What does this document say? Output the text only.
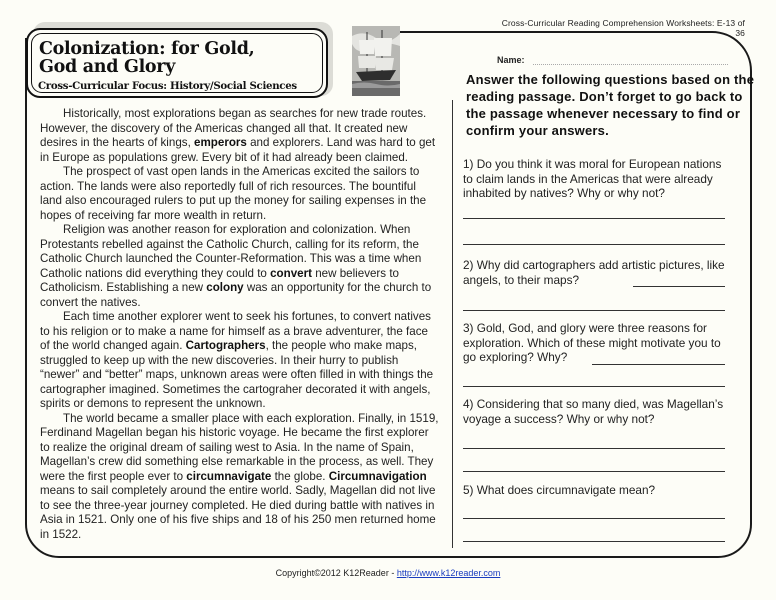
Cross-Curricular Reading Comprehension Worksheets: E-13 of 36
Colonization: for Gold,
God and Glory
Cross-Curricular Focus: History/Social Sciences

Historically, most explorations began as searches for new trade routes. However, the discovery of the Americas changed all that. It created new desires in the hearts of kings, emperors and explorers. Land was hard to get in Europe as populations grew. Every bit of it had already been claimed.

The prospect of vast open lands in the Americas excited the sailors to action. The lands were also reportedly full of rich resources. The bountiful land also encouraged rulers to put up the money for sailing expenses in the hopes of receiving far more wealth in return.

Religion was another reason for exploration and colonization. When Protestants rebelled against the Catholic Church, calling for its reform, the Catholic Church launched the Counter-Reformation. This was a time when Catholic nations did everything they could to convert new believers to Catholicism. Establishing a new colony was an opportunity for the church to convert the natives.

Each time another explorer went to seek his fortunes, to convert natives to his religion or to make a name for himself as a brave adventurer, the face of the world changed again. Cartographers, the people who make maps, struggled to keep up with the new discoveries. In their hurry to publish “newer” and “better” maps, unknown areas were often filled in with things the cartographer imagined. Sometimes the cartograher decorated it with angels, spirits or demons to represent the unknown.

The world became a smaller place with each exploration. Finally, in 1519, Ferdinand Magellan began his historic voyage. He became the first explorer to realize the original dream of sailing west to Asia. In the name of Spain, Magellan’s crew did something else remarkable in the process, as well. They were the first people ever to circumnavigate the globe. Circumnavigation means to sail completely around the entire world. Sadly, Magellan did not live to see the three-year journey completed. He died during battle with natives in Asia in 1521. Only one of his five ships and 18 of his 250 men returned home in 1522.

Name:
Answer the following questions based on the reading passage. Don’t forget to go back to the passage whenever necessary to find or confirm your answers.
1) Do you think it was moral for European nations to claim lands in the Americas that were already inhabited by natives? Why or why not?
2) Why did cartographers add artistic pictures, like angels, to their maps?
3) Gold, God, and glory were three reasons for exploration. Which of these might motivate you to go exploring? Why?
4) Considering that so many died, was Magellan’s voyage a success? Why or why not?
5) What does circumnavigate mean?
Copyright©2012 K12Reader - http://www.k12reader.com
